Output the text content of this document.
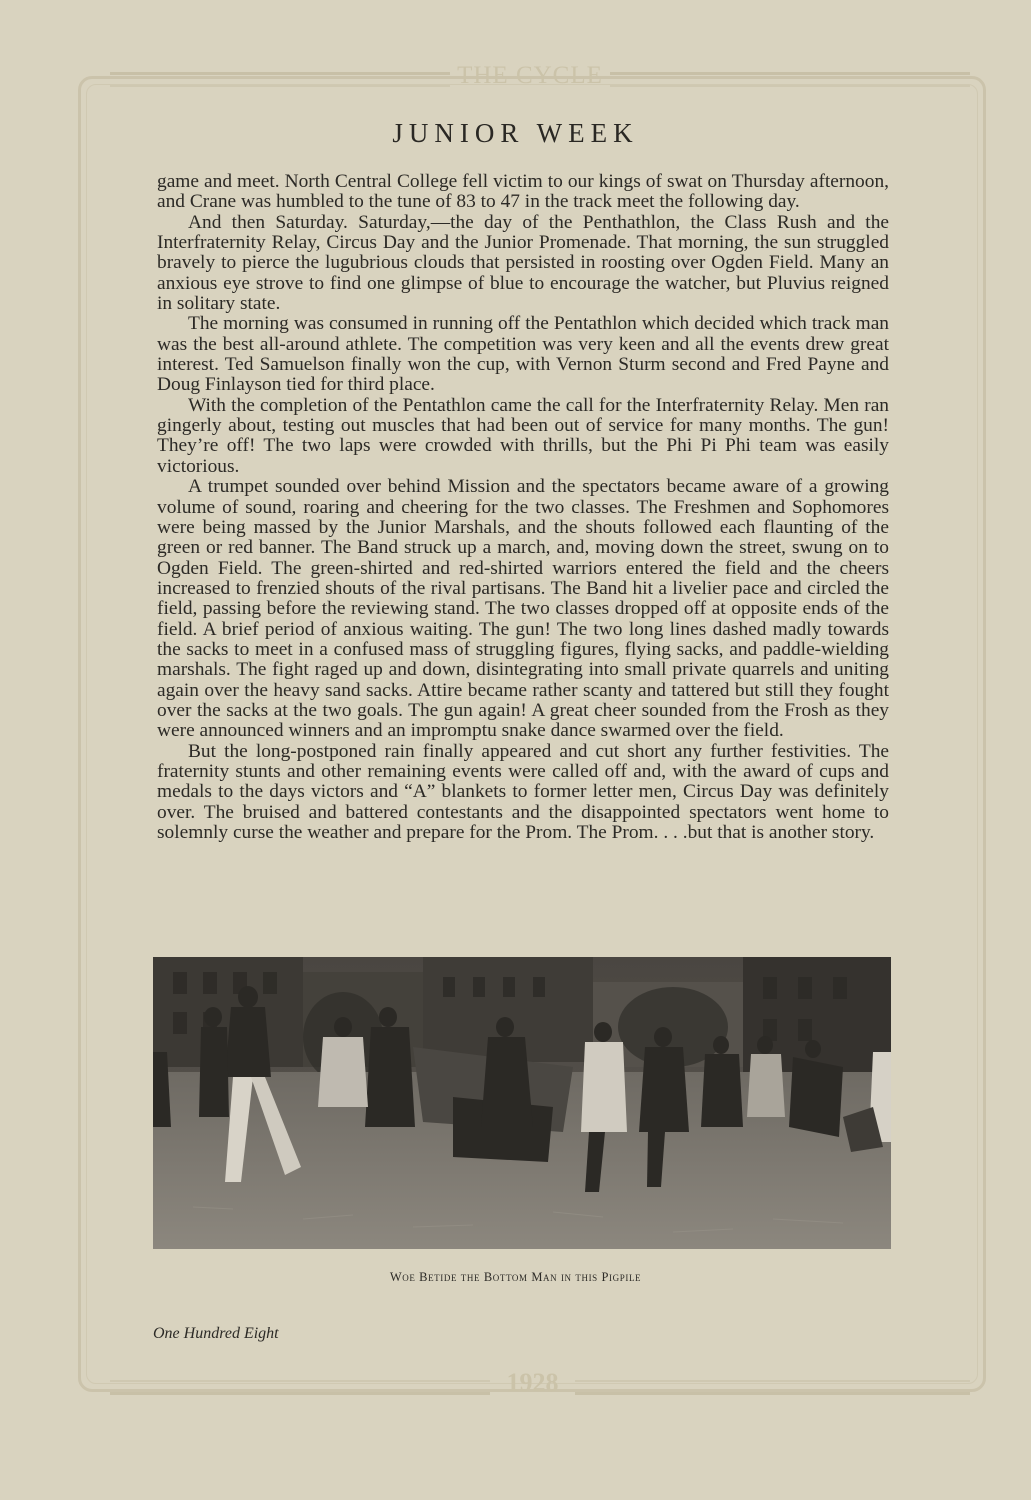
THE CYCLE
1928
JUNIOR WEEK

game and meet. North Central College fell victim to our kings of swat on Thursday afternoon, and Crane was humbled to the tune of 83 to 47 in the track meet the following day.

And then Saturday. Saturday,—the day of the Penthathlon, the Class Rush and the Interfraternity Relay, Circus Day and the Junior Promenade. That morning, the sun struggled bravely to pierce the lugubrious clouds that persisted in roosting over Ogden Field. Many an anxious eye strove to find one glimpse of blue to encourage the watcher, but Pluvius reigned in solitary state.

The morning was consumed in running off the Pentathlon which decided which track man was the best all-around athlete. The competition was very keen and all the events drew great interest. Ted Samuelson finally won the cup, with Vernon Sturm second and Fred Payne and Doug Finlayson tied for third place.

With the completion of the Pentathlon came the call for the Interfraternity Relay. Men ran gingerly about, testing out muscles that had been out of service for many months. The gun! They’re off! The two laps were crowded with thrills, but the Phi Pi Phi team was easily victorious.

A trumpet sounded over behind Mission and the spectators became aware of a growing volume of sound, roaring and cheering for the two classes. The Freshmen and Sophomores were being massed by the Junior Marshals, and the shouts followed each flaunting of the green or red banner. The Band struck up a march, and, moving down the street, swung on to Ogden Field. The green-shirted and red-shirted warriors entered the field and the cheers increased to frenzied shouts of the rival partisans. The Band hit a livelier pace and circled the field, passing before the reviewing stand. The two classes dropped off at opposite ends of the field. A brief period of anxious waiting. The gun! The two long lines dashed madly towards the sacks to meet in a confused mass of struggling figures, flying sacks, and paddle-wielding marshals. The fight raged up and down, disintegrating into small private quarrels and uniting again over the heavy sand sacks. Attire became rather scanty and tattered but still they fought over the sacks at the two goals. The gun again! A great cheer sounded from the Frosh as they were announced winners and an impromptu snake dance swarmed over the field.

But the long-postponed rain finally appeared and cut short any further festivities. The fraternity stunts and other remaining events were called off and, with the award of cups and medals to the days victors and “A” blankets to former letter men, Circus Day was definitely over. The bruised and battered contestants and the disappointed spectators went home to solemnly curse the weather and prepare for the Prom. The Prom. . . .but that is another story.

Woe Betide the Bottom Man in this Pigpile
One Hundred Eight
